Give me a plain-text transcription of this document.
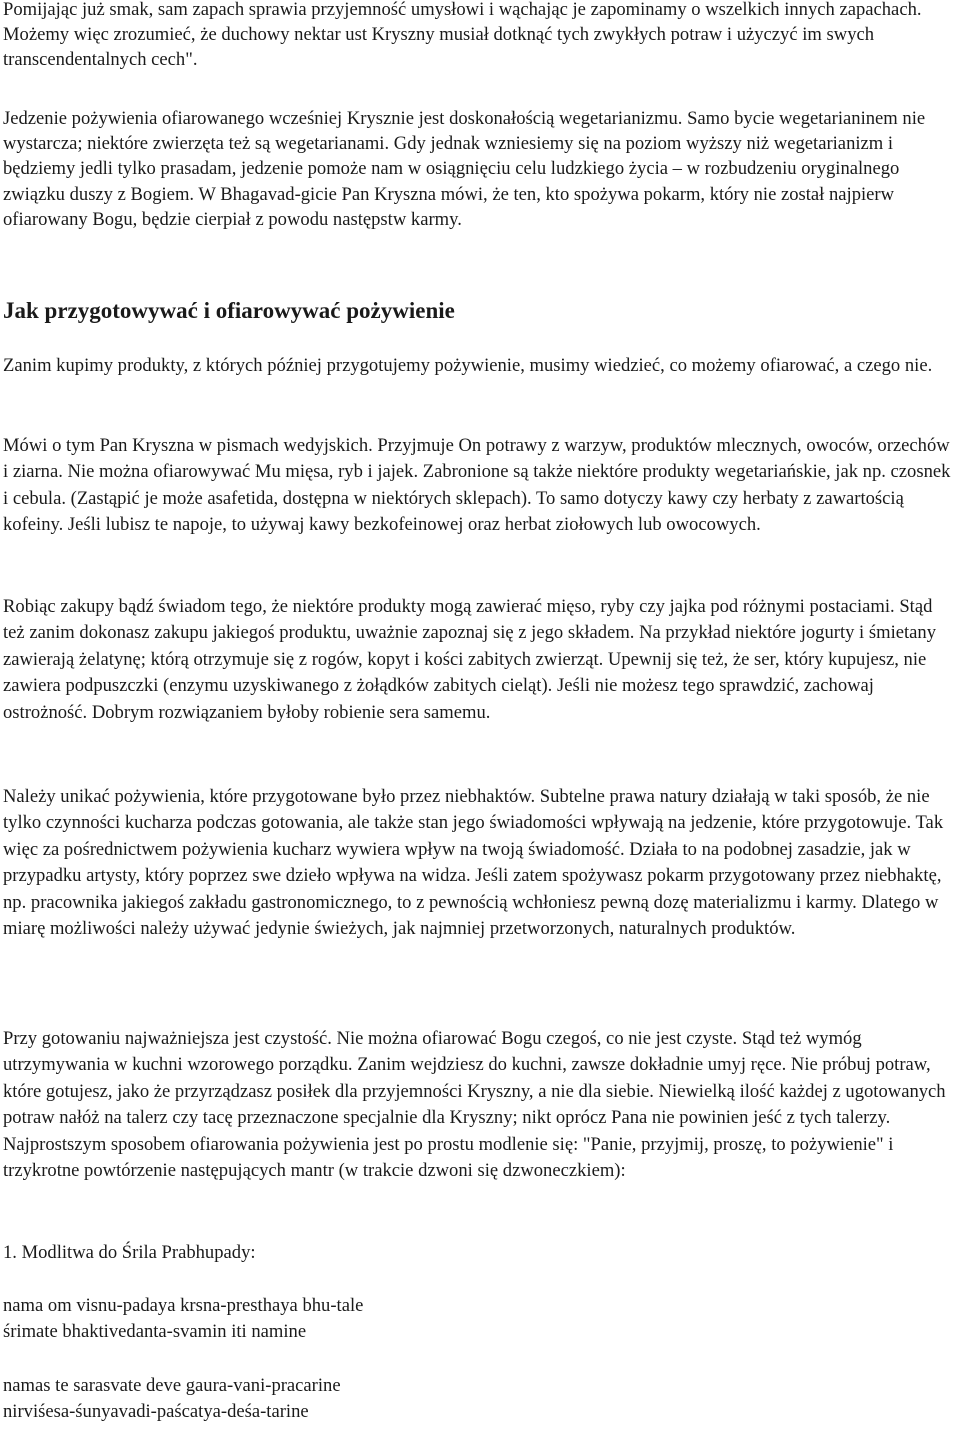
Pomijając już smak, sam zapach sprawia przyjemność umysłowi i wąchając je zapominamy o wszelkich innych zapachach. Możemy więc zrozumieć, że duchowy nektar ust Kryszny musiał dotknąć tych zwykłych potraw i użyczyć im swych transcendentalnych cech".

Jedzenie pożywienia ofiarowanego wcześniej Krysznie jest doskonałością wegetarianizmu. Samo bycie wegetarianinem nie wystarcza; niektóre zwierzęta też są wegetarianami. Gdy jednak wzniesiemy się na poziom wyższy niż wegetarianizm i będziemy jedli tylko prasadam, jedzenie pomoże nam w osiągnięciu celu ludzkiego życia – w rozbudzeniu oryginalnego związku duszy z Bogiem. W Bhagavad-gicie Pan Kryszna mówi, że ten, kto spożywa pokarm, który nie został najpierw ofiarowany Bogu, będzie cierpiał z powodu następstw karmy.

Jak przygotowywać i ofiarowywać pożywienie

Zanim kupimy produkty, z których później przygotujemy pożywienie, musimy wiedzieć, co możemy ofiarować, a czego nie.

Mówi o tym Pan Kryszna w pismach wedyjskich. Przyjmuje On potrawy z warzyw, produktów mlecznych, owoców, orzechów i ziarna. Nie można ofiarowywać Mu mięsa, ryb i jajek. Zabronione są także niektóre produkty wegetariańskie, jak np. czosnek i cebula. (Zastąpić je może asafetida, dostępna w niektórych sklepach). To samo dotyczy kawy czy herbaty z zawartością kofeiny. Jeśli lubisz te napoje, to używaj kawy bezkofeinowej oraz herbat ziołowych lub owocowych.

Robiąc zakupy bądź świadom tego, że niektóre produkty mogą zawierać mięso, ryby czy jajka pod różnymi postaciami. Stąd też zanim dokonasz zakupu jakiegoś produktu, uważnie zapoznaj się z jego składem. Na przykład niektóre jogurty i śmietany zawierają żelatynę; którą otrzymuje się z rogów, kopyt i kości zabitych zwierząt. Upewnij się też, że ser, który kupujesz, nie zawiera podpuszczki (enzymu uzyskiwanego z żołądków zabitych cieląt). Jeśli nie możesz tego sprawdzić, zachowaj ostrożność. Dobrym rozwiązaniem byłoby robienie sera samemu.

Należy unikać pożywienia, które przygotowane było przez niebhaktów. Subtelne prawa natury działają w taki sposób, że nie tylko czynności kucharza podczas gotowania, ale także stan jego świadomości wpływają na jedzenie, które przygotowuje. Tak więc za pośrednictwem pożywienia kucharz wywiera wpływ na twoją świadomość. Działa to na podobnej zasadzie, jak w przypadku artysty, który poprzez swe dzieło wpływa na widza. Jeśli zatem spożywasz pokarm przygotowany przez niebhaktę, np. pracownika jakiegoś zakładu gastronomicznego, to z pewnością wchłoniesz pewną dozę materializmu i karmy. Dlatego w miarę możliwości należy używać jedynie świeżych, jak najmniej przetworzonych, naturalnych produktów.

Przy gotowaniu najważniejsza jest czystość. Nie można ofiarować Bogu czegoś, co nie jest czyste. Stąd też wymóg utrzymywania w kuchni wzorowego porządku. Zanim wejdziesz do kuchni, zawsze dokładnie umyj ręce. Nie próbuj potraw, które gotujesz, jako że przyrządzasz posiłek dla przyjemności Kryszny, a nie dla siebie. Niewielką ilość każdej z ugotowanych potraw nałóż na talerz czy tacę przeznaczone specjalnie dla Kryszny; nikt oprócz Pana nie powinien jeść z tych talerzy. Najprostszym sposobem ofiarowania pożywienia jest po prostu modlenie się: "Panie, przyjmij, proszę, to pożywienie" i trzykrotne powtórzenie następujących mantr (w trakcie dzwoni się dzwoneczkiem):

1. Modlitwa do Śrila Prabhupady:

nama om visnu-padaya krsna-presthaya bhu-tale
śrimate bhaktivedanta-svamin iti namine

namas te sarasvate deve gaura-vani-pracarine
nirviśesa-śunyavadi-paścatya-deśa-tarine
